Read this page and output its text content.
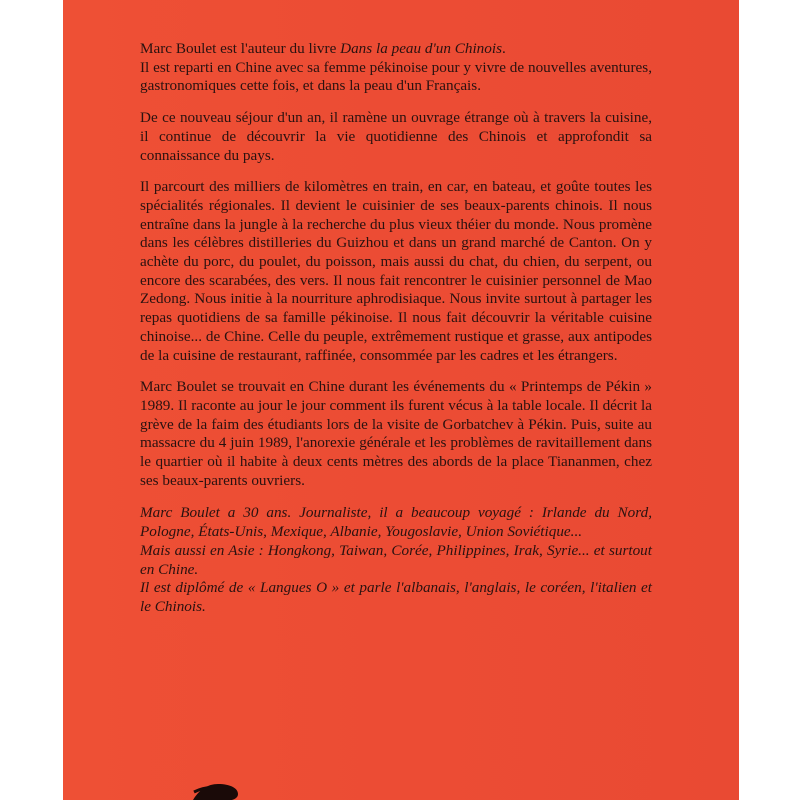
Marc Boulet est l'auteur du livre Dans la peau d'un Chinois.
Il est reparti en Chine avec sa femme pékinoise pour y vivre de nouvelles aventures, gastronomiques cette fois, et dans la peau d'un Français.

De ce nouveau séjour d'un an, il ramène un ouvrage étrange où à travers la cuisine, il continue de découvrir la vie quotidienne des Chinois et approfondit sa connaissance du pays.

Il parcourt des milliers de kilomètres en train, en car, en bateau, et goûte toutes les spécialités régionales. Il devient le cuisinier de ses beaux-parents chinois. Il nous entraîne dans la jungle à la recherche du plus vieux théier du monde. Nous promène dans les célèbres distilleries du Guizhou et dans un grand marché de Canton. On y achète du porc, du poulet, du poisson, mais aussi du chat, du chien, du serpent, ou encore des scarabées, des vers. Il nous fait rencontrer le cuisinier personnel de Mao Zedong. Nous initie à la nourriture aphrodisiaque. Nous invite surtout à partager les repas quotidiens de sa famille pékinoise. Il nous fait découvrir la véritable cuisine chinoise... de Chine. Celle du peuple, extrêmement rustique et grasse, aux antipodes de la cuisine de restaurant, raffinée, consommée par les cadres et les étrangers.

Marc Boulet se trouvait en Chine durant les événements du « Printemps de Pékin » 1989. Il raconte au jour le jour comment ils furent vécus à la table locale. Il décrit la grève de la faim des étudiants lors de la visite de Gorbatchev à Pékin. Puis, suite au massacre du 4 juin 1989, l'anorexie générale et les problèmes de ravitaillement dans le quartier où il habite à deux cents mètres des abords de la place Tiananmen, chez ses beaux-parents ouvriers.

Marc Boulet a 30 ans. Journaliste, il a beaucoup voyagé : Irlande du Nord, Pologne, États-Unis, Mexique, Albanie, Yougoslavie, Union Soviétique...

Mais aussi en Asie : Hongkong, Taiwan, Corée, Philippines, Irak, Syrie... et surtout en Chine.

Il est diplômé de « Langues O » et parle l'albanais, l'anglais, le coréen, l'italien et le Chinois.
